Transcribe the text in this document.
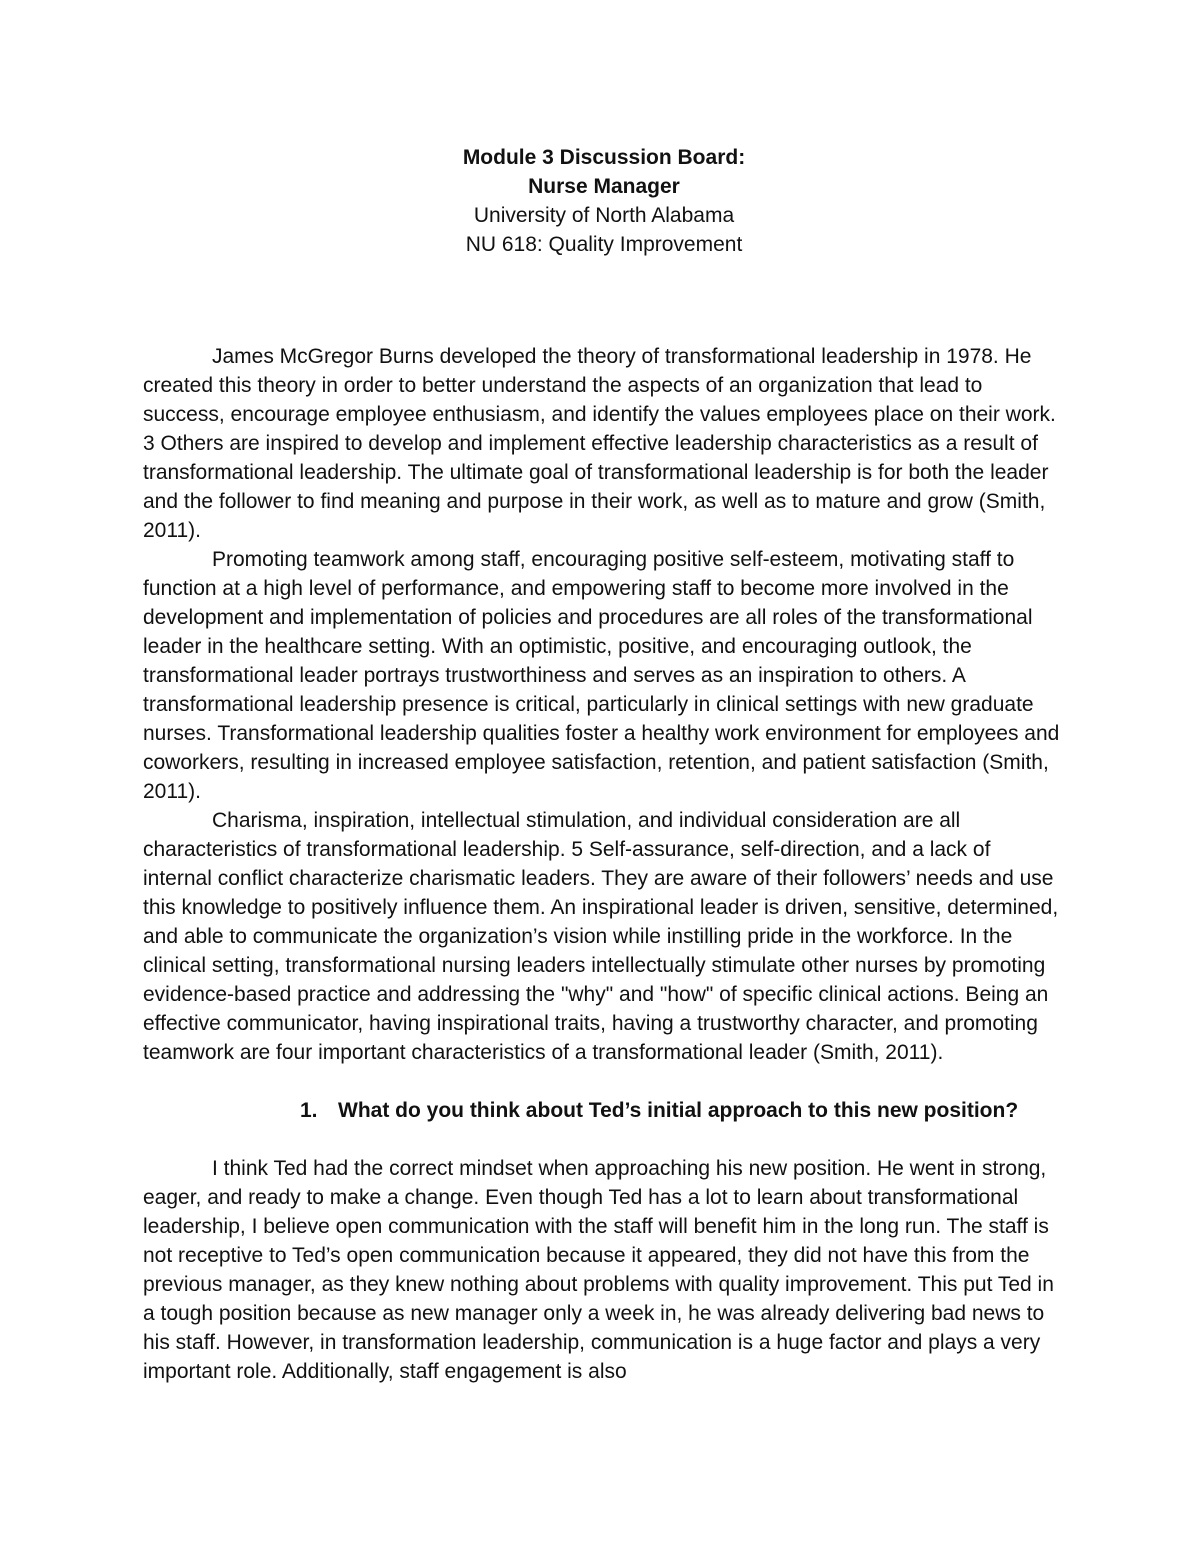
Module 3 Discussion Board:
Nurse Manager
University of North Alabama
NU 618: Quality Improvement

James McGregor Burns developed the theory of transformational leadership in 1978. He created this theory in order to better understand the aspects of an organization that lead to success, encourage employee enthusiasm, and identify the values employees place on their work. 3 Others are inspired to develop and implement effective leadership characteristics as a result of transformational leadership. The ultimate goal of transformational leadership is for both the leader and the follower to find meaning and purpose in their work, as well as to mature and grow (Smith, 2011).

Promoting teamwork among staff, encouraging positive self-esteem, motivating staff to function at a high level of performance, and empowering staff to become more involved in the development and implementation of policies and procedures are all roles of the transformational leader in the healthcare setting. With an optimistic, positive, and encouraging outlook, the transformational leader portrays trustworthiness and serves as an inspiration to others. A transformational leadership presence is critical, particularly in clinical settings with new graduate nurses. Transformational leadership qualities foster a healthy work environment for employees and coworkers, resulting in increased employee satisfaction, retention, and patient satisfaction (Smith, 2011).

Charisma, inspiration, intellectual stimulation, and individual consideration are all characteristics of transformational leadership. 5 Self-assurance, self-direction, and a lack of internal conflict characterize charismatic leaders. They are aware of their followers’ needs and use this knowledge to positively influence them. An inspirational leader is driven, sensitive, determined, and able to communicate the organization’s vision while instilling pride in the workforce. In the clinical setting, transformational nursing leaders intellectually stimulate other nurses by promoting evidence-based practice and addressing the "why" and "how" of specific clinical actions. Being an effective communicator, having inspirational traits, having a trustworthy character, and promoting teamwork are four important characteristics of a transformational leader (Smith, 2011).

1. What do you think about Ted’s initial approach to this new position?

I think Ted had the correct mindset when approaching his new position. He went in strong, eager, and ready to make a change. Even though Ted has a lot to learn about transformational leadership, I believe open communication with the staff will benefit him in the long run. The staff is not receptive to Ted’s open communication because it appeared, they did not have this from the previous manager, as they knew nothing about problems with quality improvement. This put Ted in a tough position because as new manager only a week in, he was already delivering bad news to his staff. However, in transformation leadership, communication is a huge factor and plays a very important role. Additionally, staff engagement is also
